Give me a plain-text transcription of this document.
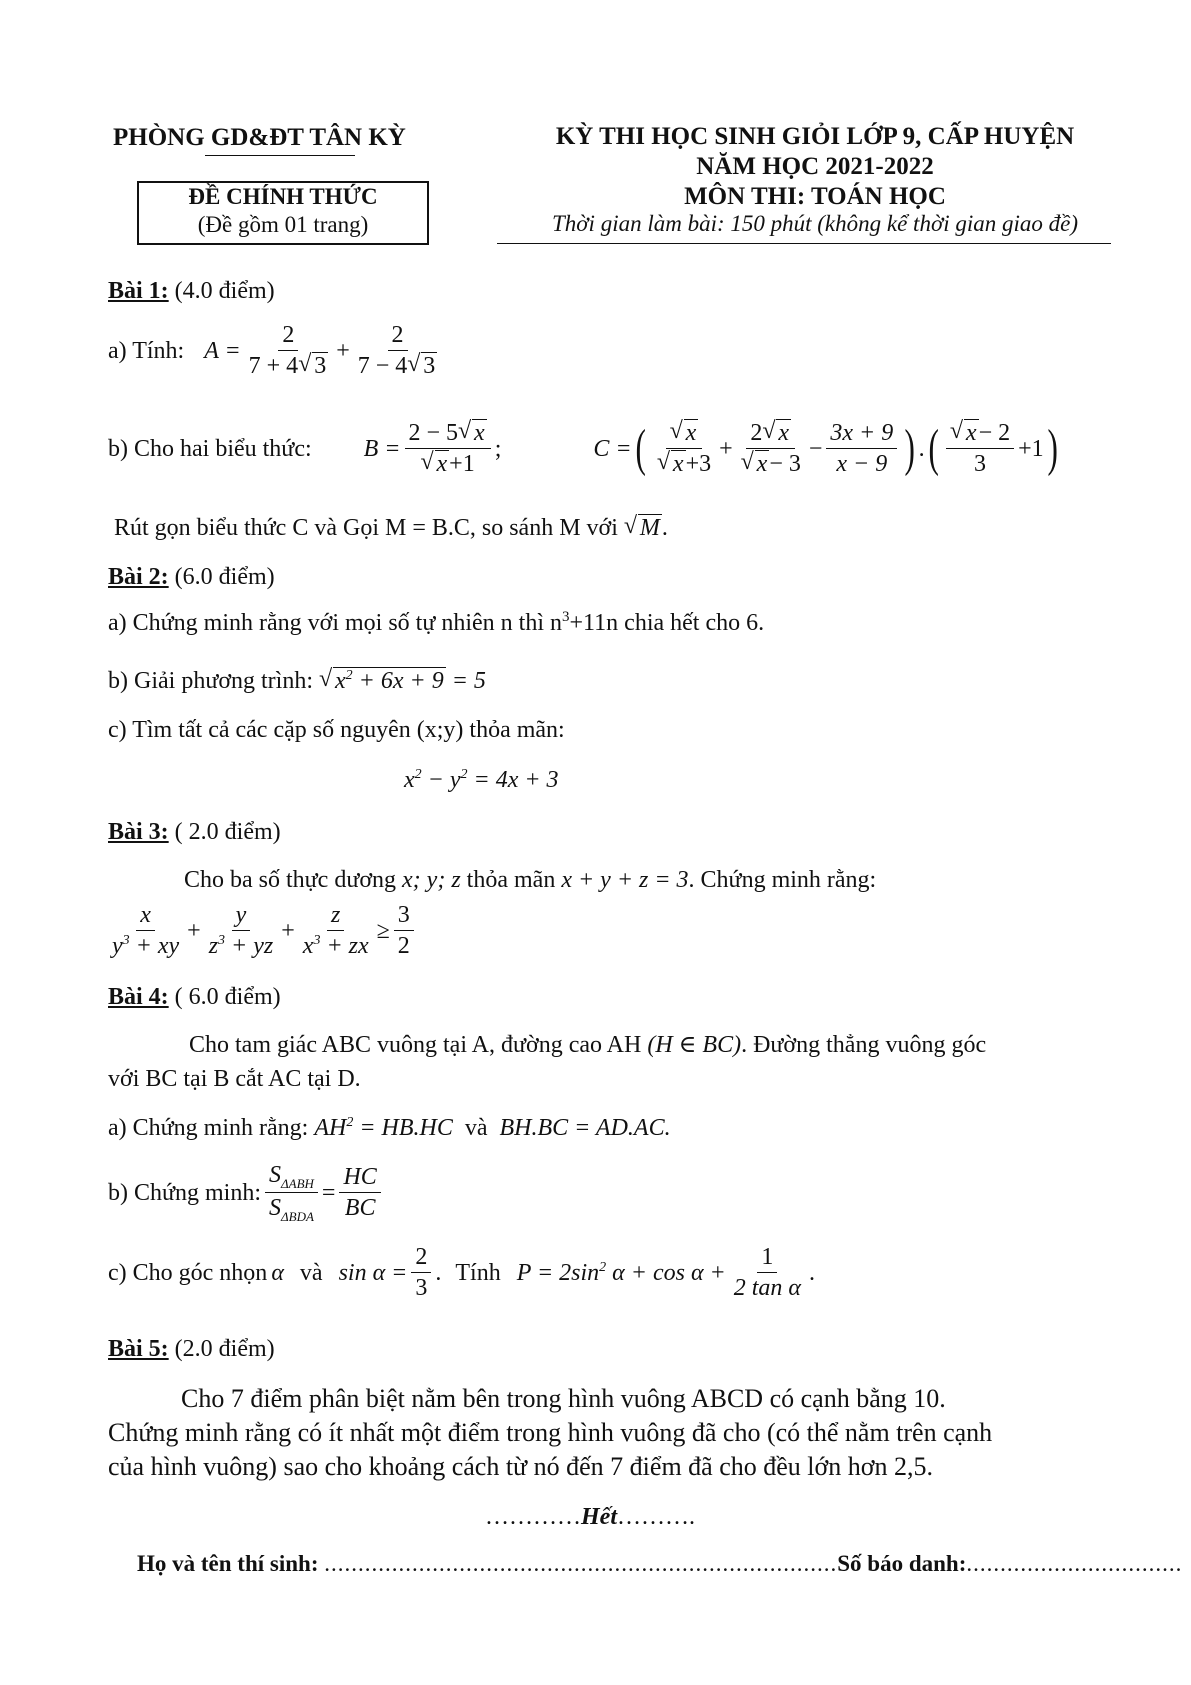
PHÒNG GD&ĐT TÂN KỲ
ĐỀ CHÍNH THỨC
(Đề gồm 01 trang)
KỲ THI HỌC SINH GIỎI LỚP 9, CẤP HUYỆN
NĂM HỌC 2021-2022
MÔN THI: TOÁN HỌC
Thời gian làm bài: 150 phút (không kể thời gian giao đề)
Bài 1: (4.0 điểm)
a) Tính: $A = \frac{2}{7 + 4 √ 3} + \frac{2}{7 - 4 √ 3}$
b) Cho hai biểu thức: B = 2 − 5 √ x
√ x+1 ;	C = ( √ x
√ x+3 + 2 √ x
√ $x- 3 - \frac{3x + 9}{x - 9}$ ) . ( √ $\frac{x- 2}{3} +1$ )
Rút gọn biểu thức C và Gọi M = B.C, so sánh M với √ M.
Bài 2: (6.0 điểm)
a) Chứng minh rằng với mọi số tự nhiên n thì $n^3+11n$ chia hết cho 6.
b) Giải phương trình: √ $x^2 + 6x + 9 = 5$
c) Tìm tất cả các cặp số nguyên (x;y) thỏa mãn:
$x^2 - y^2 = 4x + 3$
Bài 3: ( 2.0 điểm)
Cho ba số thực dương x; y; z thỏa mãn x + y + z = 3. Chứng minh rằng:
$\frac{x}{y^3 + xy} + \frac{y}{z^3 + yz} + \frac{z}{x^3 + zx} \ge \frac{3}{2}$
Bài 4: ( 6.0 điểm)
Cho tam giác ABC vuông tại A, đường cao AH (H ∈ BC). Đường thẳng vuông góc
với BC tại B cắt AC tại D.
a) Chứng minh rằng: $AH^2 = HB.HC$ và BH.BC = AD.AC.
b) Chứng minh: $\frac{S_{\Delta ABH}}{S_{\Delta BDA}} = \frac{HC}{BC}$
c) Cho góc nhọn α và $\sin \alpha = \frac{2}{3}$ . Tính $P = 2\sin^2$ $\alpha + \cos \alpha + \frac{1}{\text{2 tan α}}$ .
Bài 5: (2.0 điểm)
Cho 7 điểm phân biệt nằm bên trong hình vuông ABCD có cạnh bằng 10.
Chứng minh rằng có ít nhất một điểm trong hình vuông đã cho (có thể nằm trên cạnh
của hình vuông) sao cho khoảng cách từ nó đến 7 điểm đã cho đều lớn hơn 2,5.
…………Hết……….
Họ và tên thí sinh: ............................................................................Số báo danh:................................
